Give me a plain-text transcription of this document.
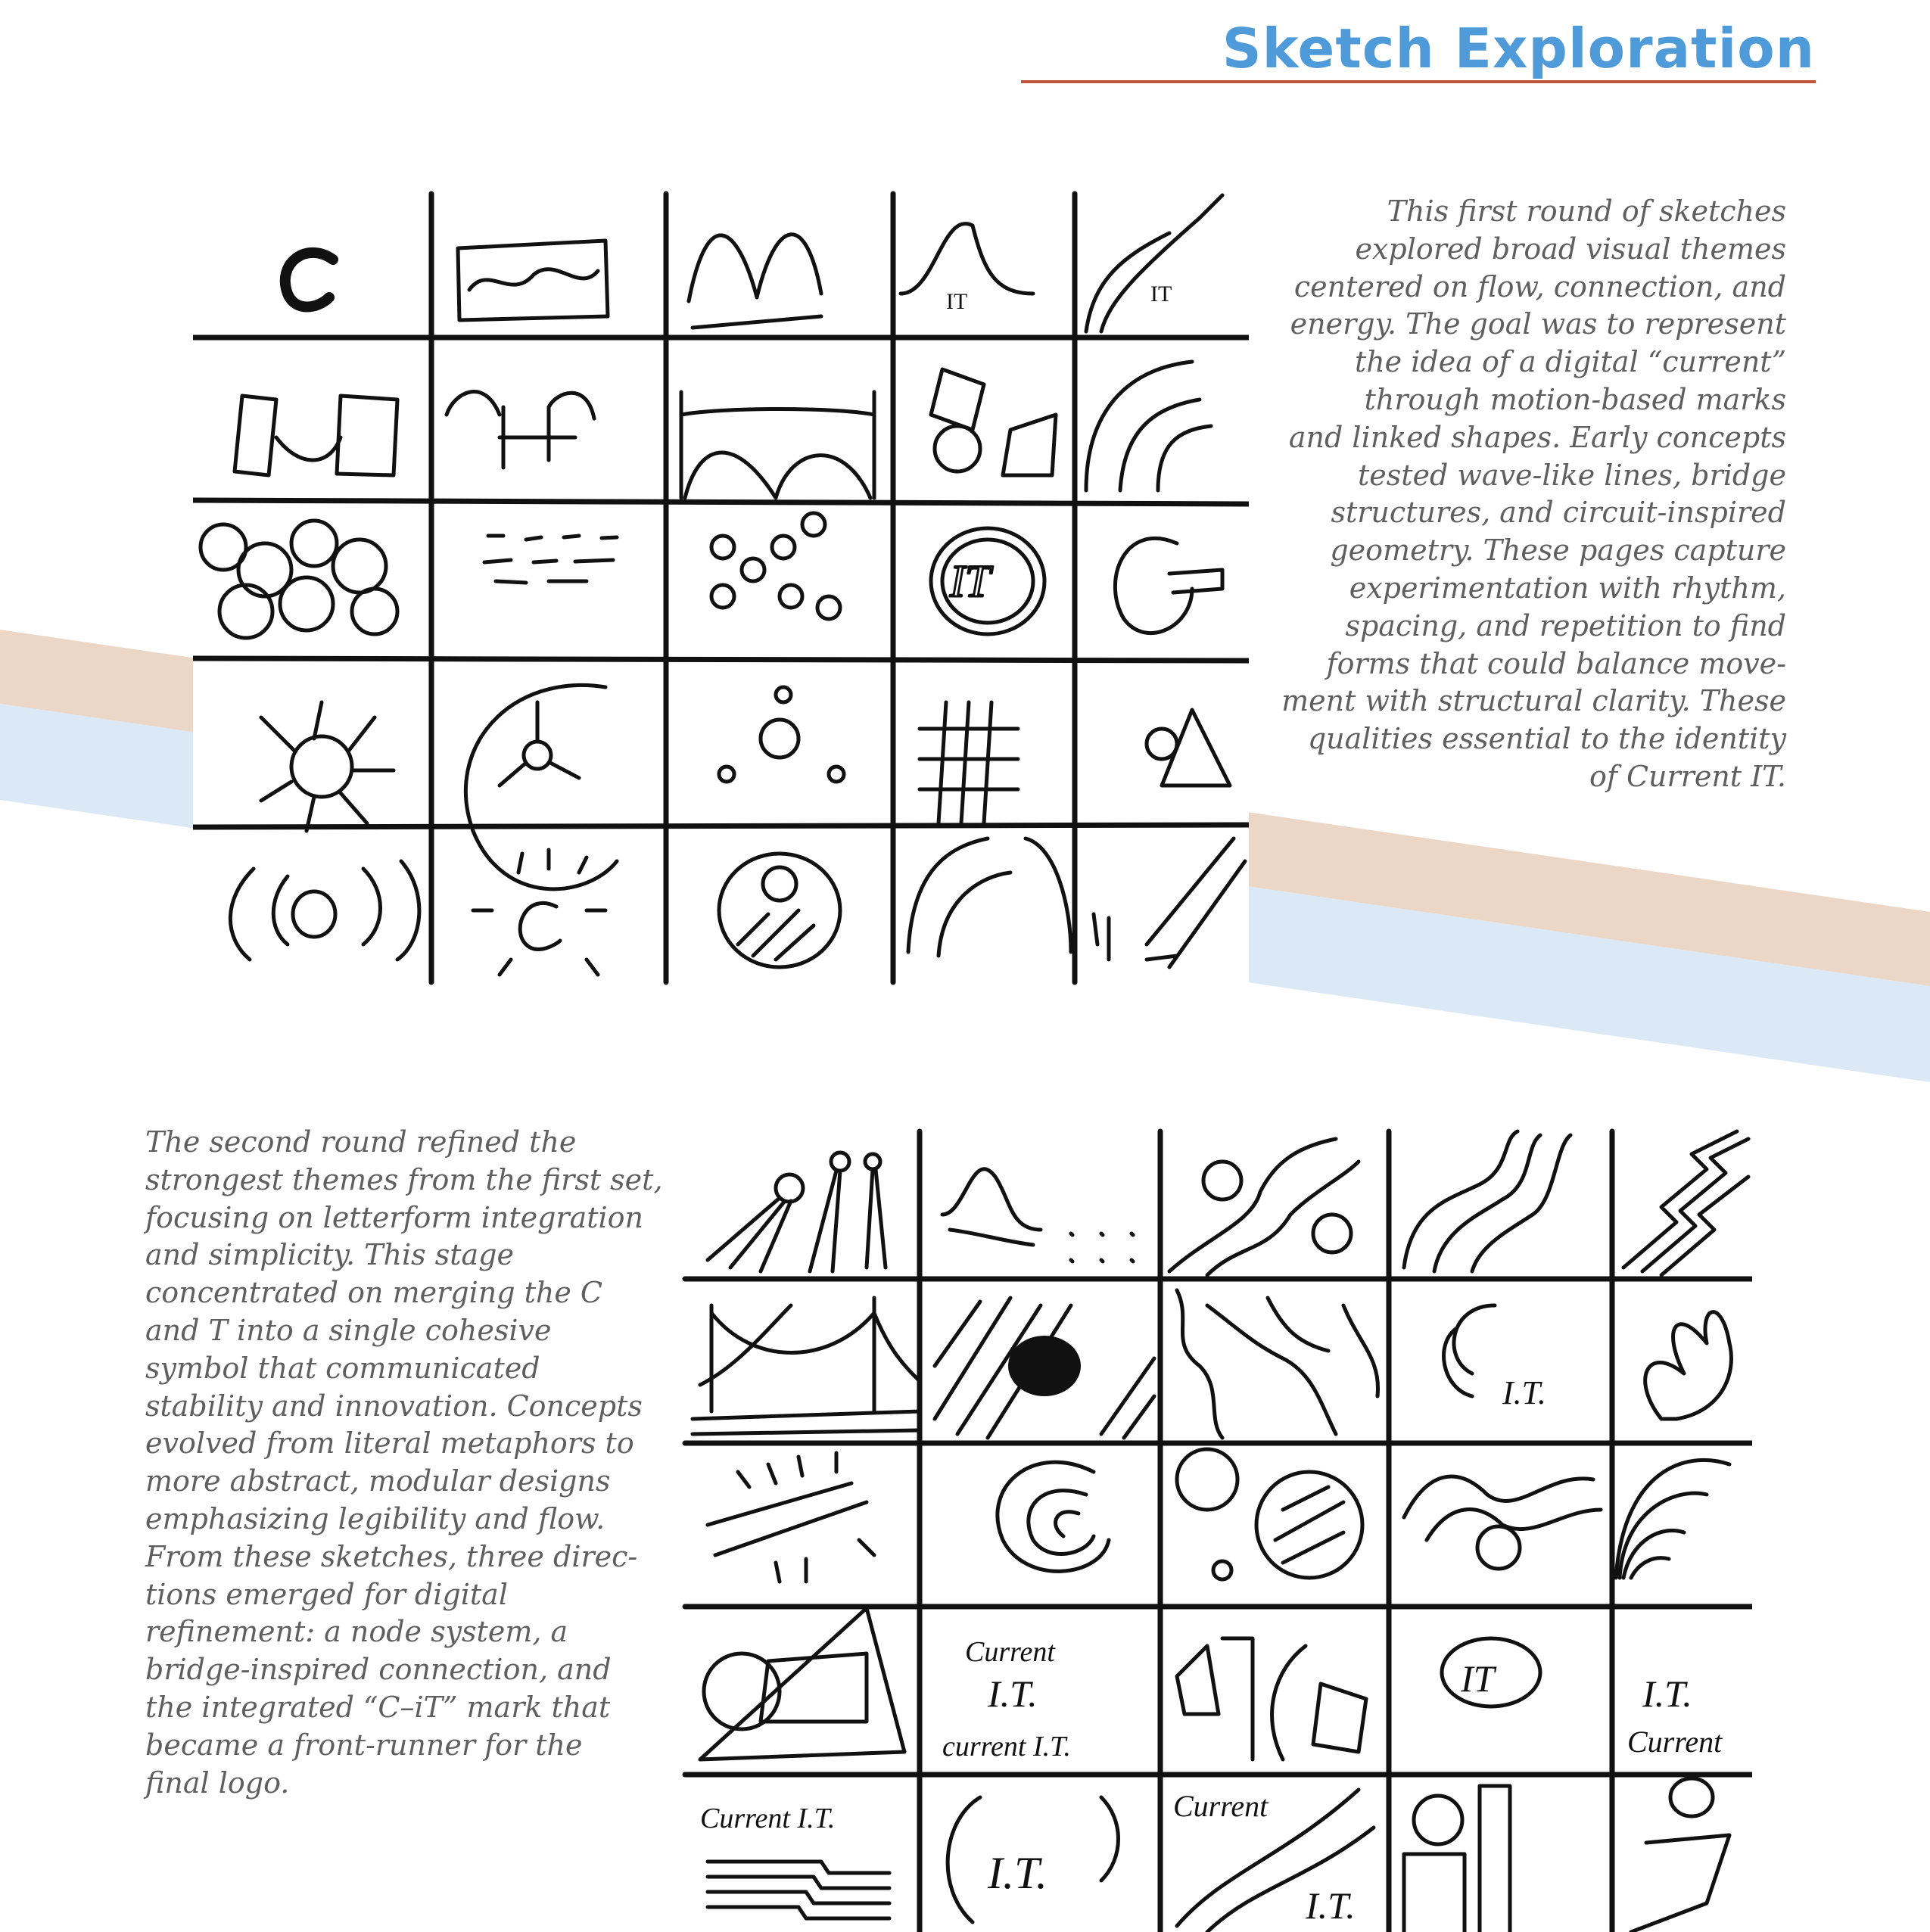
Sketch Exploration
IT	IT
IT
I.T.
Current
I.T.
current I.T.
IT	I.T.
Current
Current I.T.
I.T.
Current
I.T.

This first round of sketches
explored broad visual themes
centered on flow, connection, and
energy. The goal was to represent
the idea of a digital “current”
through motion-based marks
and linked shapes. Early concepts
tested wave-like lines, bridge
structures, and circuit-inspired
geometry. These pages capture
experimentation with rhythm,
spacing, and repetition to find
forms that could balance move-
ment with structural clarity. These
qualities essential to the identity
of Current IT.

The second round refined the
strongest themes from the first set,
focusing on letterform integration
and simplicity. This stage
concentrated on merging the C
and T into a single cohesive
symbol that communicated
stability and innovation. Concepts
evolved from literal metaphors to
more abstract, modular designs
emphasizing legibility and flow.
From these sketches, three direc-
tions emerged for digital
refinement: a node system, a
bridge-inspired connection, and
the integrated “C–iT” mark that
became a front-runner for the
final logo.
